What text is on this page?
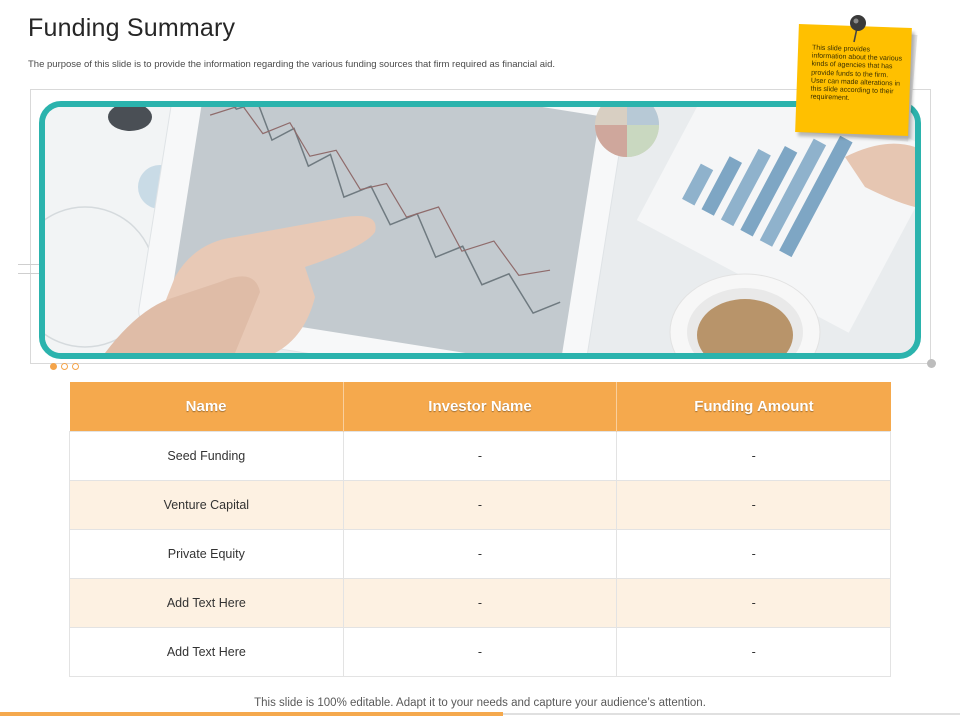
Funding Summary

The purpose of this slide is to provide the information regarding the various funding sources that firm required as financial aid.

This slide provides information about the various kinds of agencies that has provide funds to the firm. User can made alterations in this slide according to their requirement.
Name	Investor Name	Funding Amount
Seed Funding	-	-
Venture Capital	-	-
Private Equity	-	-
Add Text Here	-	-
Add Text Here	-	-
This slide is 100% editable. Adapt it to your needs and capture your audience’s attention.
